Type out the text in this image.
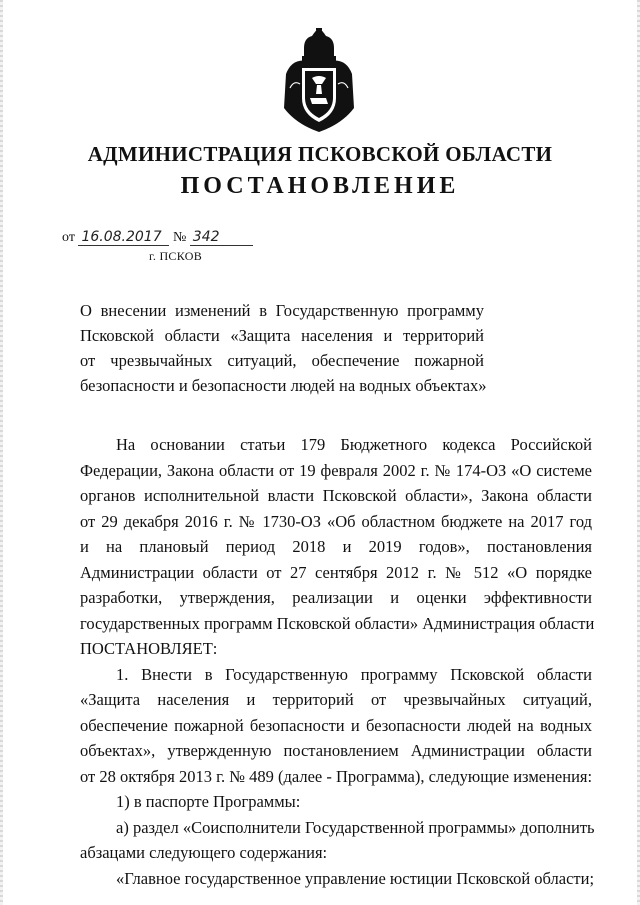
АДМИНИСТРАЦИЯ ПСКОВСКОЙ ОБЛАСТИ
ПОСТАНОВЛЕНИЕ
от 16.08.2017 № 342
г. ПСКОВ
О внесении изменений в Государственную программу
Псковской области «Защита населения и территорий
от чрезвычайных ситуаций, обеспечение пожарной
безопасности и безопасности людей на водных объектах»
На основании статьи 179 Бюджетного кодекса Российской
Федерации, Закона области от 19 февраля 2002 г. № 174-ОЗ «О системе
органов исполнительной власти Псковской области», Закона области
от 29 декабря 2016 г. № 1730-ОЗ «Об областном бюджете на 2017 год
и на плановый период 2018 и 2019 годов», постановления
Администрации области от 27 сентября 2012 г. № 512 «О порядке
разработки, утверждения, реализации и оценки эффективности
государственных программ Псковской области» Администрация области
ПОСТАНОВЛЯЕТ:
1. Внести в Государственную программу Псковской области
«Защита населения и территорий от чрезвычайных ситуаций,
обеспечение пожарной безопасности и безопасности людей на водных
объектах», утвержденную постановлением Администрации области
от 28 октября 2013 г. № 489 (далее - Программа), следующие изменения:
1) в паспорте Программы:
а) раздел «Соисполнители Государственной программы» дополнить
абзацами следующего содержания:
«Главное государственное управление юстиции Псковской области;
